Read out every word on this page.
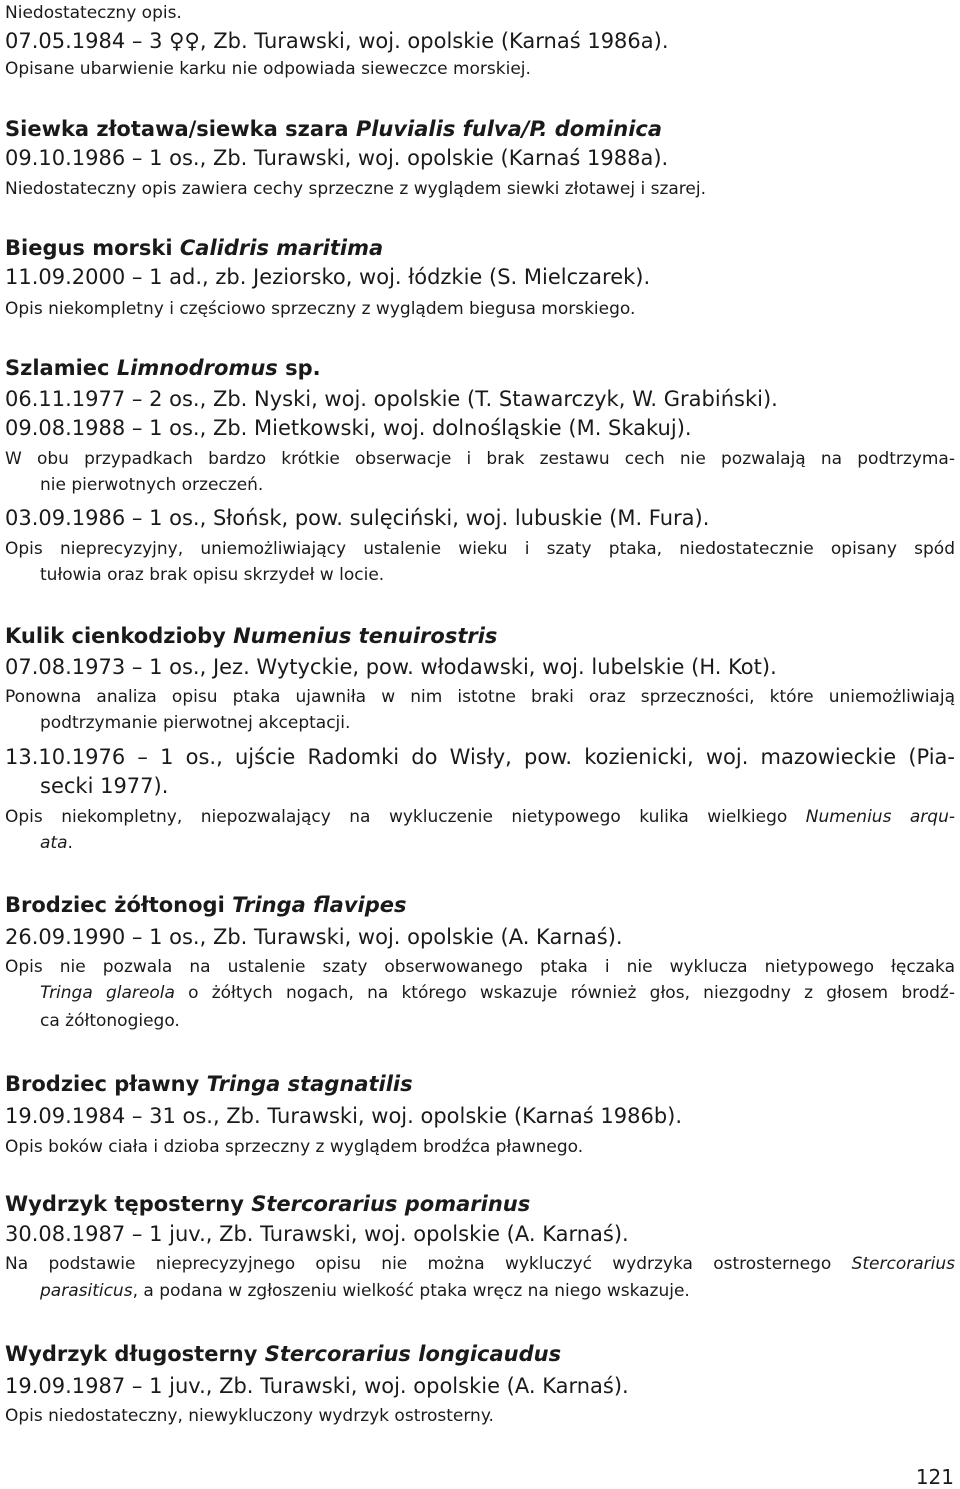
Niedostateczny opis.
07.05.1984 – 3 ♀♀, Zb. Turawski, woj. opolskie (Karnaś 1986a).
Opisane ubarwienie karku nie odpowiada sieweczce morskiej.
Siewka złotawa/siewka szara Pluvialis fulva/P. dominica
09.10.1986 – 1 os., Zb. Turawski, woj. opolskie (Karnaś 1988a).
Niedostateczny opis zawiera cechy sprzeczne z wyglądem siewki złotawej i szarej.
Biegus morski Calidris maritima
11.09.2000 – 1 ad., zb. Jeziorsko, woj. łódzkie (S. Mielczarek).
Opis niekompletny i częściowo sprzeczny z wyglądem biegusa morskiego.
Szlamiec Limnodromus sp.
06.11.1977 – 2 os., Zb. Nyski, woj. opolskie (T. Stawarczyk, W. Grabiński).
09.08.1988 – 1 os., Zb. Mietkowski, woj. dolnośląskie (M. Skakuj).
W obu przypadkach bardzo krótkie obserwacje i brak zestawu cech nie pozwalają na podtrzyma-
nie pierwotnych orzeczeń.
03.09.1986 – 1 os., Słońsk, pow. sulęciński, woj. lubuskie (M. Fura).
Opis nieprecyzyjny, uniemożliwiający ustalenie wieku i szaty ptaka, niedostatecznie opisany spód
tułowia oraz brak opisu skrzydeł w locie.
Kulik cienkodzioby Numenius tenuirostris
07.08.1973 – 1 os., Jez. Wytyckie, pow. włodawski, woj. lubelskie (H. Kot).
Ponowna analiza opisu ptaka ujawniła w nim istotne braki oraz sprzeczności, które uniemożliwiają
podtrzymanie pierwotnej akceptacji.
13.10.1976 – 1 os., ujście Radomki do Wisły, pow. kozienicki, woj. mazowieckie (Pia-
secki 1977).
Opis niekompletny, niepozwalający na wykluczenie nietypowego kulika wielkiego Numenius arqu-
ata.
Brodziec żółtonogi Tringa flavipes
26.09.1990 – 1 os., Zb. Turawski, woj. opolskie (A. Karnaś).
Opis nie pozwala na ustalenie szaty obserwowanego ptaka i nie wyklucza nietypowego łęczaka
Tringa glareola o żółtych nogach, na którego wskazuje również głos, niezgodny z głosem brodź-
ca żółtonogiego.
Brodziec pławny Tringa stagnatilis
19.09.1984 – 31 os., Zb. Turawski, woj. opolskie (Karnaś 1986b).
Opis boków ciała i dzioba sprzeczny z wyglądem brodźca pławnego.
Wydrzyk tęposterny Stercorarius pomarinus
30.08.1987 – 1 juv., Zb. Turawski, woj. opolskie (A. Karnaś).
Na podstawie nieprecyzyjnego opisu nie można wykluczyć wydrzyka ostrosternego Stercorarius
parasiticus, a podana w zgłoszeniu wielkość ptaka wręcz na niego wskazuje.
Wydrzyk długosterny Stercorarius longicaudus
19.09.1987 – 1 juv., Zb. Turawski, woj. opolskie (A. Karnaś).
Opis niedostateczny, niewykluczony wydrzyk ostrosterny.
121
